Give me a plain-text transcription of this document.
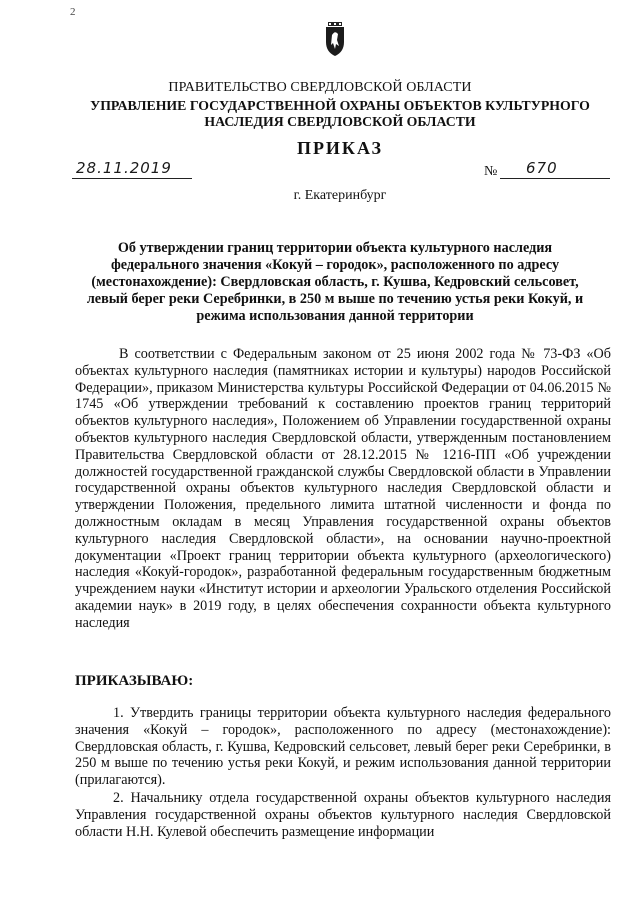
2
ПРАВИТЕЛЬСТВО СВЕРДЛОВСКОЙ ОБЛАСТИ
УПРАВЛЕНИЕ ГОСУДАРСТВЕННОЙ ОХРАНЫ ОБЪЕКТОВ КУЛЬТУРНОГО НАСЛЕДИЯ СВЕРДЛОВСКОЙ ОБЛАСТИ
ПРИКАЗ
28.11.2019	№ 670
г. Екатеринбург
Об утверждении границ территории объекта культурного наследия федерального значения «Кокуй – городок», расположенного по адресу (местонахождение): Свердловская область, г. Кушва, Кедровский сельсовет, левый берег реки Серебринки, в 250 м выше по течению устья реки Кокуй, и режима использования данной территории
В соответствии с Федеральным законом от 25 июня 2002 года № 73-ФЗ «Об объектах культурного наследия (памятниках истории и культуры) народов Российской Федерации», приказом Министерства культуры Российской Федерации от 04.06.2015 № 1745 «Об утверждении требований к составлению проектов границ территорий объектов культурного наследия», Положением об Управлении государственной охраны объектов культурного наследия Свердловской области, утвержденным постановлением Правительства Свердловской области от 28.12.2015 № 1216-ПП «Об учреждении должностей государственной гражданской службы Свердловской области в Управлении государственной охраны объектов культурного наследия Свердловской области и утверждении Положения, предельного лимита штатной численности и фонда по должностным окладам в месяц Управления государственной охраны объектов культурного наследия Свердловской области», на основании научно-проектной документации «Проект границ территории объекта культурного (археологического) наследия «Кокуй-городок», разработанной федеральным государственным бюджетным учреждением науки «Институт истории и археологии Уральского отделения Российской академии наук» в 2019 году, в целях обеспечения сохранности объекта культурного наследия
ПРИКАЗЫВАЮ:
1. Утвердить границы территории объекта культурного наследия федерального значения «Кокуй – городок», расположенного по адресу (местонахождение): Свердловская область, г. Кушва, Кедровский сельсовет, левый берег реки Серебринки, в 250 м выше по течению устья реки Кокуй, и режим использования данной территории (прилагаются).
2. Начальнику отдела государственной охраны объектов культурного наследия Управления государственной охраны объектов культурного наследия Свердловской области Н.Н. Кулевой обеспечить размещение информации
